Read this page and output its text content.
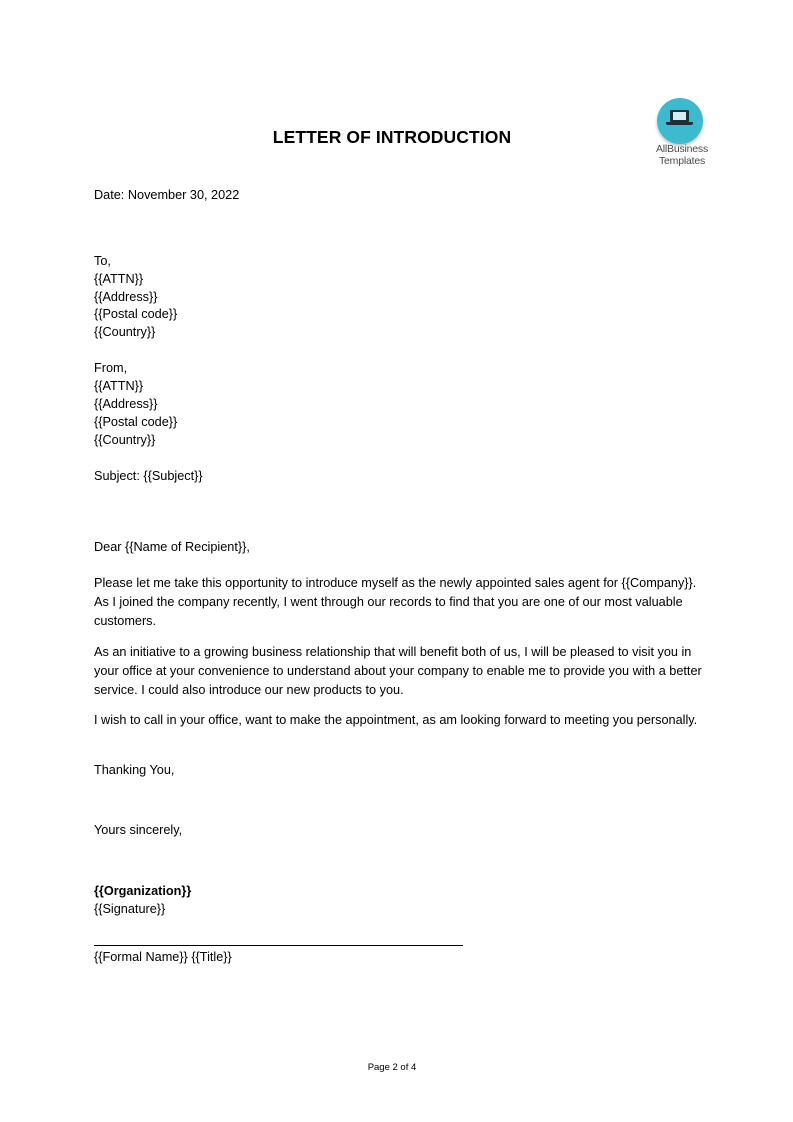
LETTER OF INTRODUCTION
AllBusiness
Templates
Date: November 30, 2022
To,
{{ATTN}}
{{Address}}
{{Postal code}}
{{Country}}
From,
{{ATTN}}
{{Address}}
{{Postal code}}
{{Country}}
Subject: {{Subject}}
Dear {{Name of Recipient}},
Please let me take this opportunity to introduce myself as the newly appointed sales agent for {{Company}}. As I joined the company recently, I went through our records to find that you are one of our most valuable customers.
As an initiative to a growing business relationship that will benefit both of us, I will be pleased to visit you in your office at your convenience to understand about your company to enable me to provide you with a better service. I could also introduce our new products to you.
I wish to call in your office, want to make the appointment, as am looking forward to meeting you personally.
Thanking You,
Yours sincerely,
{{Organization}}
{{Signature}}
{{Formal Name}} {{Title}}
Page 2 of 4
